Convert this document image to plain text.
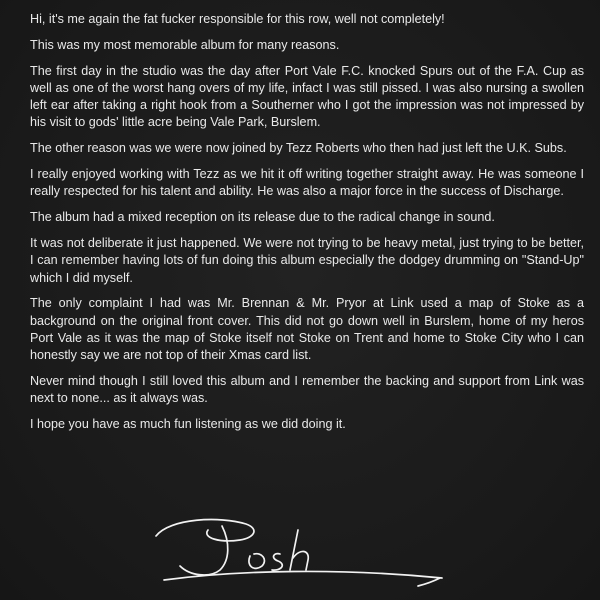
Hi, it's me again the fat fucker responsible for this row, well not completely!

This was my most memorable album for many reasons.

The first day in the studio was the day after Port Vale F.C. knocked Spurs out of the F.A. Cup as well as one of the worst hang overs of my life, infact I was still pissed. I was also nursing a swollen left ear after taking a right hook from a Southerner who I got the impression was not impressed by his visit to gods' little acre being Vale Park, Burslem.

The other reason was we were now joined by Tezz Roberts who then had just left the U.K. Subs.

I really enjoyed working with Tezz as we hit it off writing together straight away. He was someone I really respected for his talent and ability. He was also a major force in the success of Discharge.

The album had a mixed reception on its release due to the radical change in sound.

It was not deliberate it just happened. We were not trying to be heavy metal, just trying to be better, I can remember having lots of fun doing this album especially the dodgey drumming on "Stand-Up" which I did myself.

The only complaint I had was Mr. Brennan & Mr. Pryor at Link used a map of Stoke as a background on the original front cover. This did not go down well in Burslem, home of my heros Port Vale as it was the map of Stoke itself not Stoke on Trent and home to Stoke City who I can honestly say we are not top of their Xmas card list.

Never mind though I still loved this album and I remember the backing and support from Link was next to none... as it always was.

I hope you have as much fun listening as we did doing it.
